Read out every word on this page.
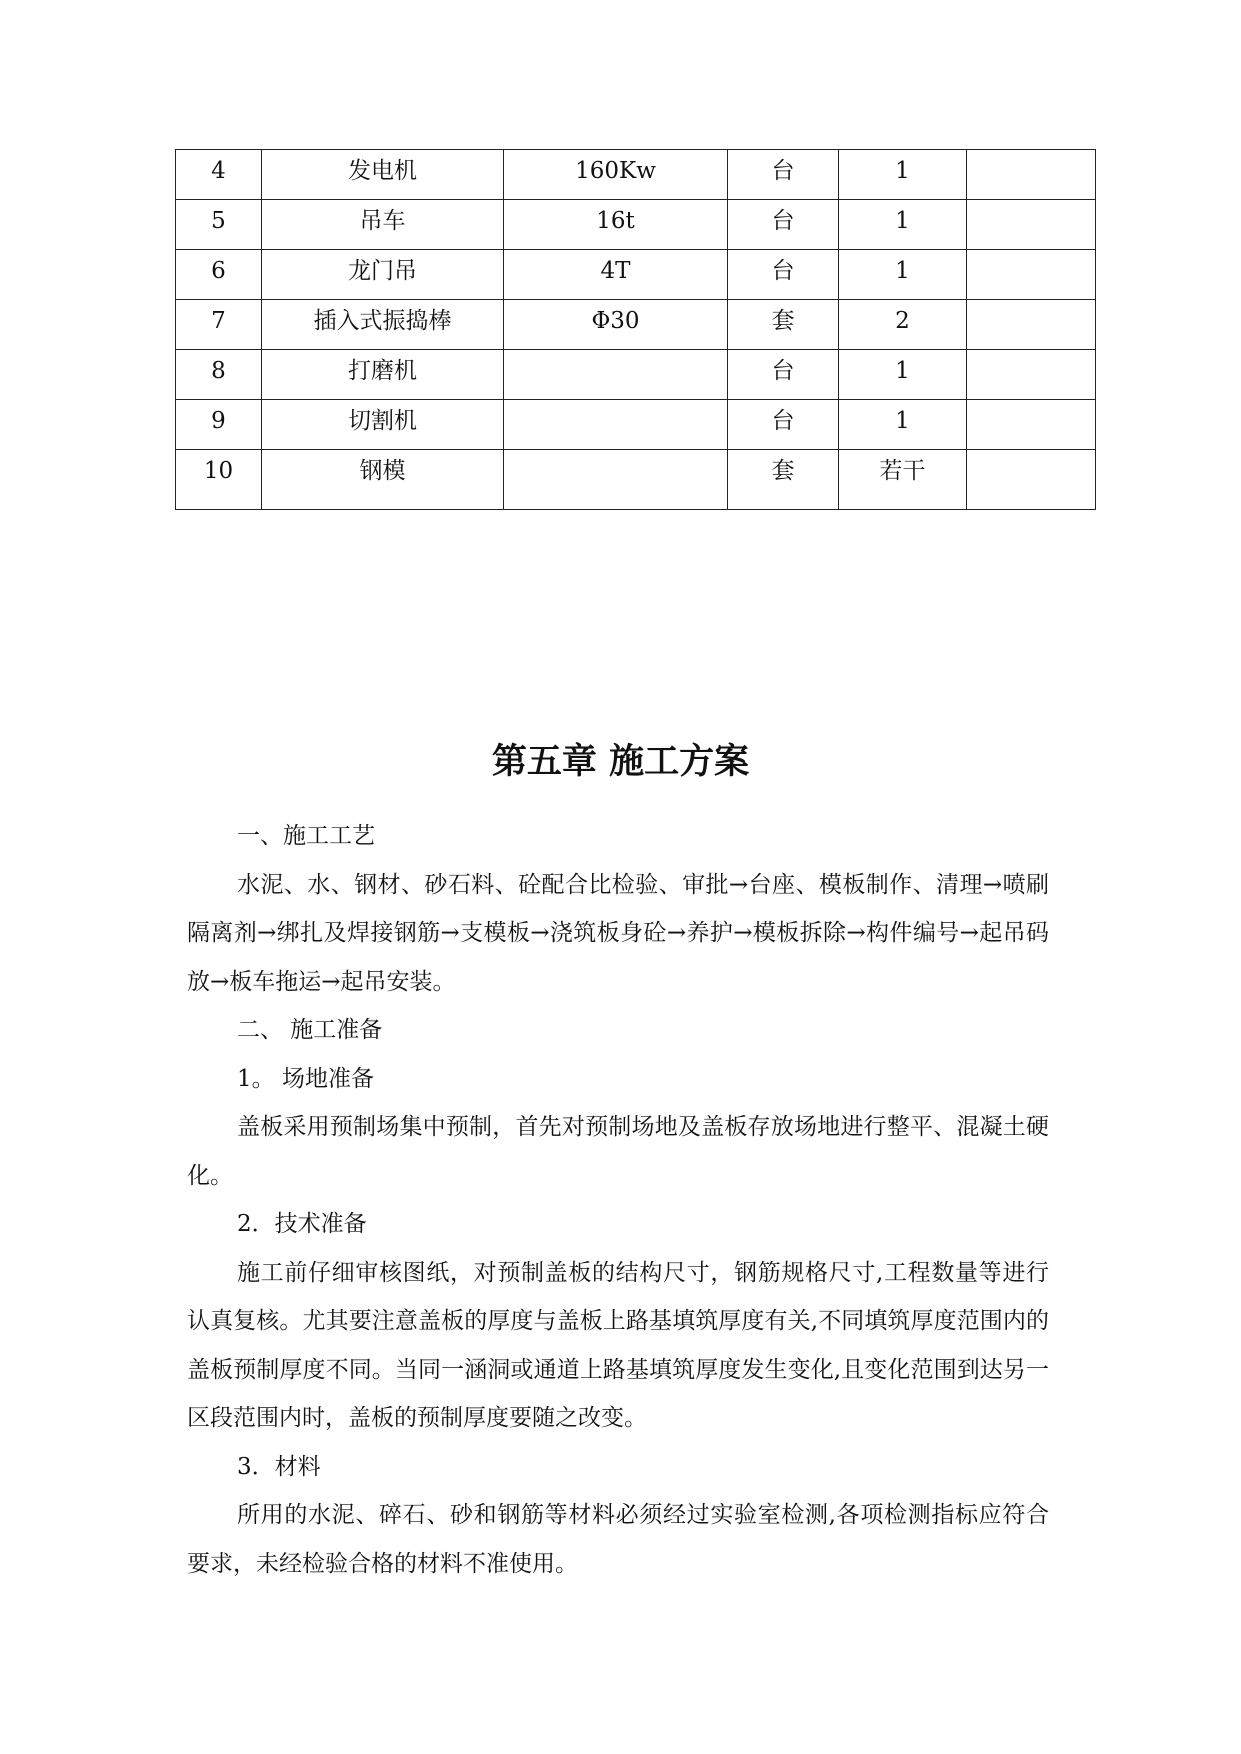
4	发电机	160Kw	台	1	
5	吊车	16t	台	1	
6	龙门吊	4T	台	1	
7	插入式振捣棒	Φ30	套	2	
8	打磨机		台	1	
9	切割机		台	1	
10	钢模		套	若干	
第五章 施工方案

一、施工工艺

水泥、水、钢材、砂石料、砼配合比检验、审批→台座、模板制作、清理→喷刷隔离剂→绑扎及焊接钢筋→支模板→浇筑板身砼→养护→模板拆除→构件编号→起吊码放→板车拖运→起吊安装。

二、 施工准备

1。 场地准备

盖板采用预制场集中预制，首先对预制场地及盖板存放场地进行整平、混凝土硬化。

2．技术准备

施工前仔细审核图纸，对预制盖板的结构尺寸，钢筋规格尺寸,工程数量等进行认真复核。尤其要注意盖板的厚度与盖板上路基填筑厚度有关,不同填筑厚度范围内的盖板预制厚度不同。当同一涵洞或通道上路基填筑厚度发生变化,且变化范围到达另一区段范围内时，盖板的预制厚度要随之改变。

3．材料

所用的水泥、碎石、砂和钢筋等材料必须经过实验室检测,各项检测指标应符合要求，未经检验合格的材料不准使用。
